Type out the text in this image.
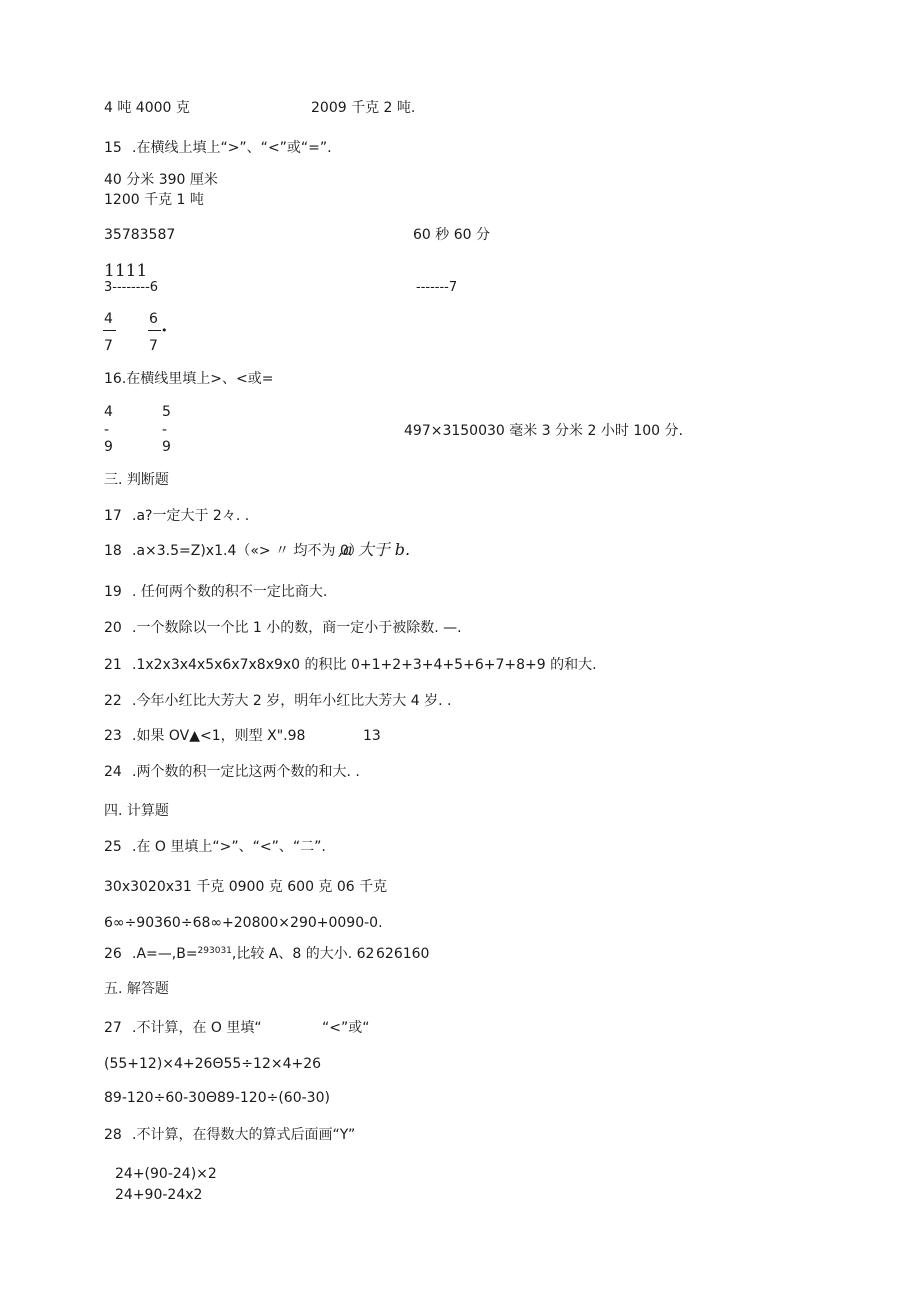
4 吨 4000 克	2009 千克 2 吨.
15 .在横线上填上“>”、“<”或“=”.
40 分米 390 厘米
1200 千克 1 吨
35783587	60 秒 60 分
1111
3--------6	-------7
4
7
6
•
7
16.在横线里填上>、<或=
4
-
9
5
-
9
497×3150030 毫米 3 分米 2 小时 100 分.
三. 判断题
17 .a?一定大于 2々. .
18 .a×3.5=Z)x1.4（«> 〃 均不为 0）
,a 大于 b.
19 . 任何两个数的积不一定比商大.
20 .一个数除以一个比 1 小的数，商一定小于被除数. —.
21 .1x2x3x4x5x6x7x8x9x0 的积比 0+1+2+3+4+5+6+7+8+9 的和大.
22 .今年小红比大芳大 2 岁，明年小红比大芳大 4 岁. .
23 .如果 OV▲<1，则型 X".98	13
24 .两个数的积一定比这两个数的和大. .
四. 计算题
25 .在 O 里填上“>”、“<”、“二”.
30x3020x31 千克 0900 克 600 克 06 千克
6∞÷90360÷68∞+20800×290+0090-0.
26 .A=—,B=$^{293031}$,比较 A、8 的大小. 62 626160
五. 解答题
27 .不计算，在 O 里填“	“<”或“
(55+12)×4+26Θ55÷12×4+26
89-120÷60-30Θ89-120÷(60-30)
28 .不计算，在得数大的算式后面画“Y”
24+(90-24)×2
24+90-24x2
